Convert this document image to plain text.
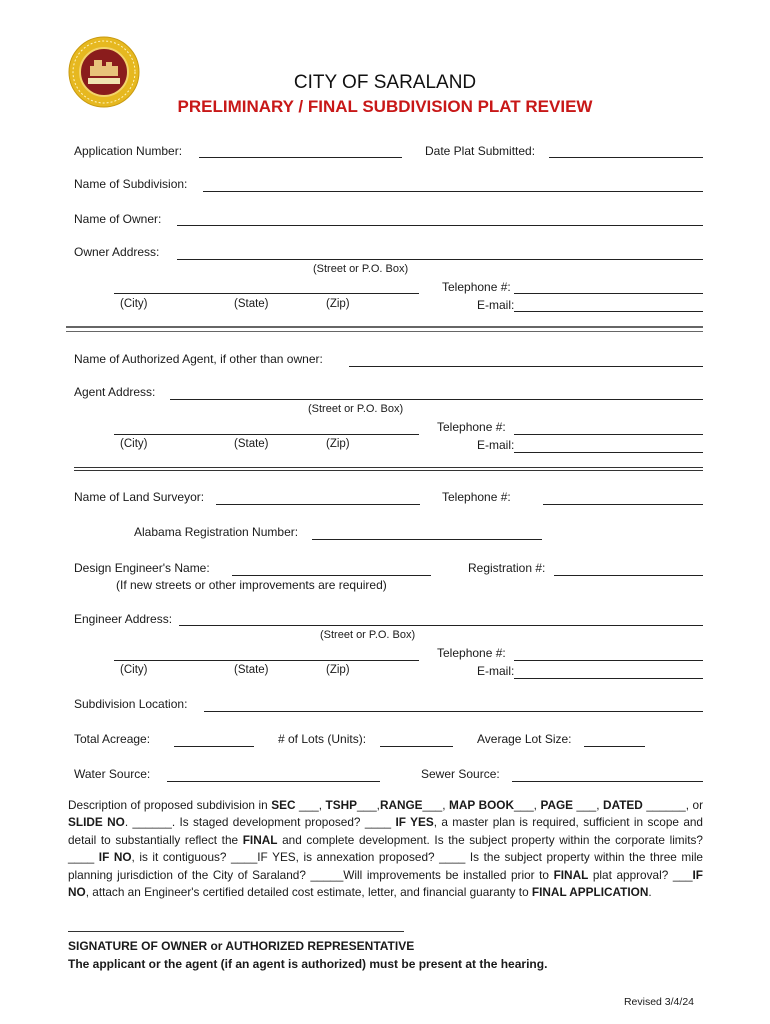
CITY OF SARALAND
PRELIMINARY / FINAL SUBDIVISION PLAT REVIEW
Application Number:	Date Plat Submitted:
Name of Subdivision:
Name of Owner:
Owner Address:
(Street or P.O. Box)
Telephone #:
(City)	(State)	(Zip)	E-mail:
Name of Authorized Agent, if other than owner:
Agent Address:
(Street or P.O. Box)
Telephone #:
(City)	(State)	(Zip)	E-mail:
Name of Land Surveyor:	Telephone #:
Alabama Registration Number:
Design Engineer's Name:	Registration #:
(If new streets or other improvements are required)
Engineer Address:
(Street or P.O. Box)
Telephone #:
(City)	(State)	(Zip)	E-mail:
Subdivision Location:
Total Acreage:	# of Lots (Units):	Average Lot Size:
Water Source:	Sewer Source:
Description of proposed subdivision in SEC ___, TSHP___,RANGE___, MAP BOOK___, PAGE ___, DATED ______, or SLIDE NO. ______. Is staged development proposed? ____ IF YES, a master plan is required, sufficient in scope and detail to substantially reflect the FINAL and complete development. Is the subject property within the corporate limits? ____ IF NO, is it contiguous? ____IF YES, is annexation proposed? ____ Is the subject property within the three mile planning jurisdiction of the City of Saraland? _____Will improvements be installed prior to FINAL plat approval? ___IF NO, attach an Engineer's certified detailed cost estimate, letter, and financial guaranty to FINAL APPLICATION.
SIGNATURE OF OWNER or AUTHORIZED REPRESENTATIVE
The applicant or the agent (if an agent is authorized) must be present at the hearing.
Revised 3/4/24
